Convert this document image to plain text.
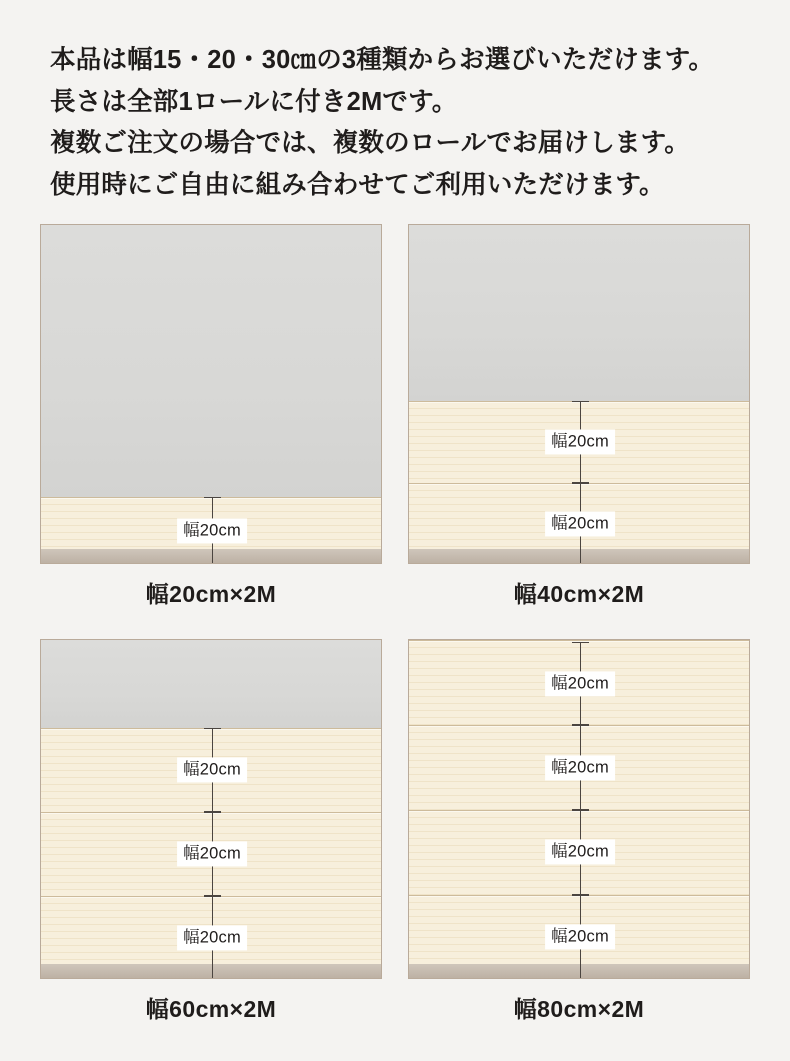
本品は幅15・20・30㎝の3種類からお選びいただけます。

長さは全部1ロールに付き2Mです。

複数ご注文の場合では、複数のロールでお届けします。

使用時にご自由に組み合わせてご利用いただけます。

幅20cm
幅20cm×2M
幅20cm
幅20cm
幅40cm×2M
幅20cm
幅20cm
幅20cm
幅60cm×2M
幅20cm
幅20cm
幅20cm
幅20cm
幅80cm×2M
